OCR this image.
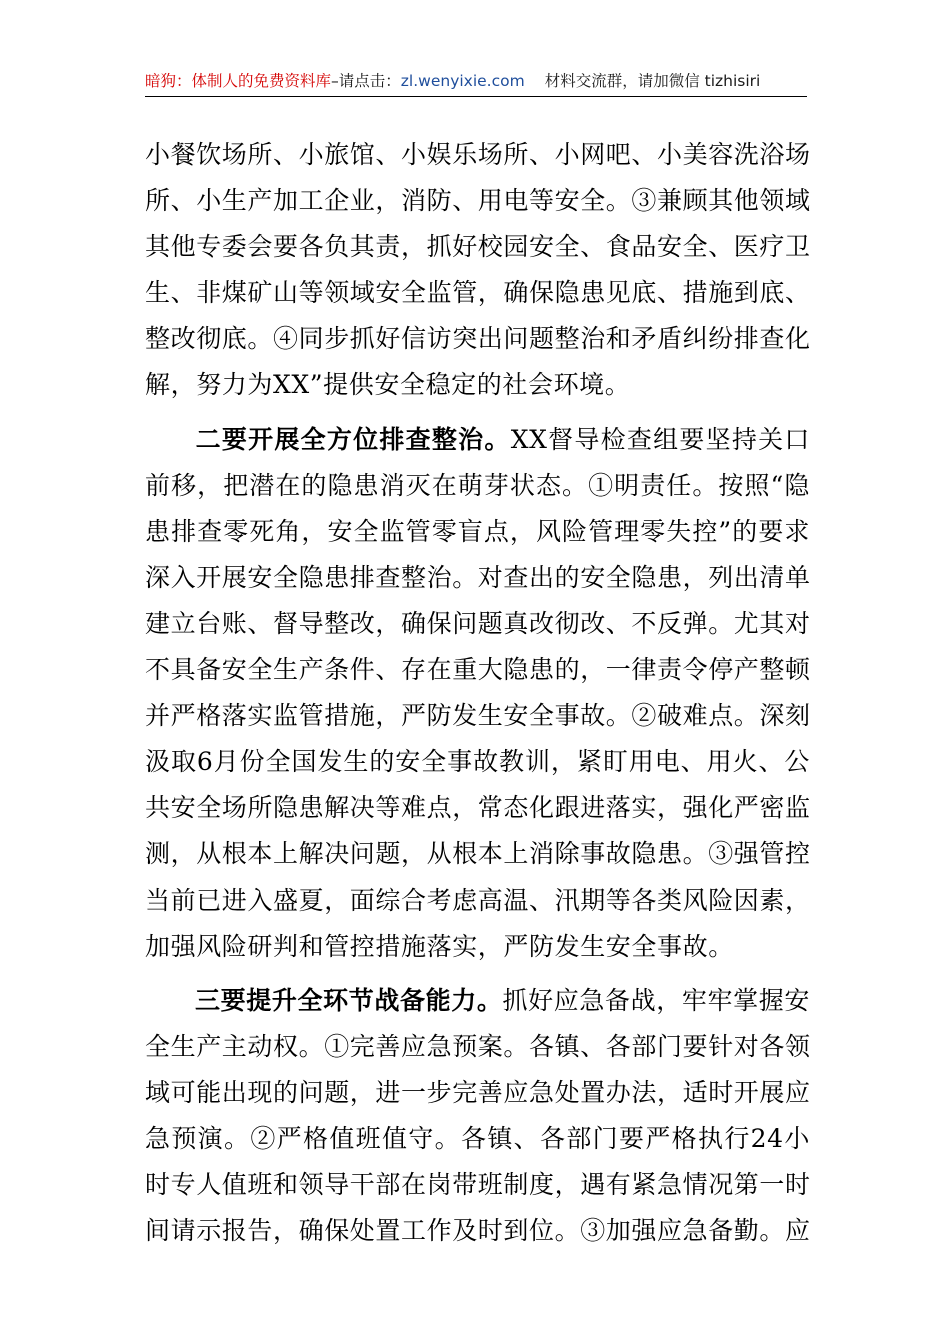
暗狗：体制人的免费资料库–请点击：zl.wenyixie.com 材料交流群，请加微信 tizhisiri
小餐饮场所、小旅馆、小娱乐场所、小网吧、小美容洗浴场
所、小生产加工企业，消防、用电等安全。③兼顾其他领域
其他专委会要各负其责，抓好校园安全、食品安全、医疗卫
生、非煤矿山等领域安全监管，确保隐患见底、措施到底、
整改彻底。④同步抓好信访突出问题整治和矛盾纠纷排查化
解，努力为XX”提供安全稳定的社会环境。
二要开展全方位排查整治。XX督导检查组要坚持关口
前移，把潜在的隐患消灭在萌芽状态。①明责任。按照“隐
患排查零死角，安全监管零盲点，风险管理零失控”的要求
深入开展安全隐患排查整治。对查出的安全隐患，列出清单
建立台账、督导整改，确保问题真改彻改、不反弹。尤其对
不具备安全生产条件、存在重大隐患的，一律责令停产整顿
并严格落实监管措施，严防发生安全事故。②破难点。深刻
汲取6月份全国发生的安全事故教训，紧盯用电、用火、公
共安全场所隐患解决等难点，常态化跟进落实，强化严密监
测，从根本上解决问题，从根本上消除事故隐患。③强管控
当前已进入盛夏，面综合考虑高温、汛期等各类风险因素，
加强风险研判和管控措施落实，严防发生安全事故。
三要提升全环节战备能力。抓好应急备战，牢牢掌握安
全生产主动权。①完善应急预案。各镇、各部门要针对各领
域可能出现的问题，进一步完善应急处置办法，适时开展应
急预演。②严格值班值守。各镇、各部门要严格执行24小
时专人值班和领导干部在岗带班制度，遇有紧急情况第一时
间请示报告，确保处置工作及时到位。③加强应急备勤。应
